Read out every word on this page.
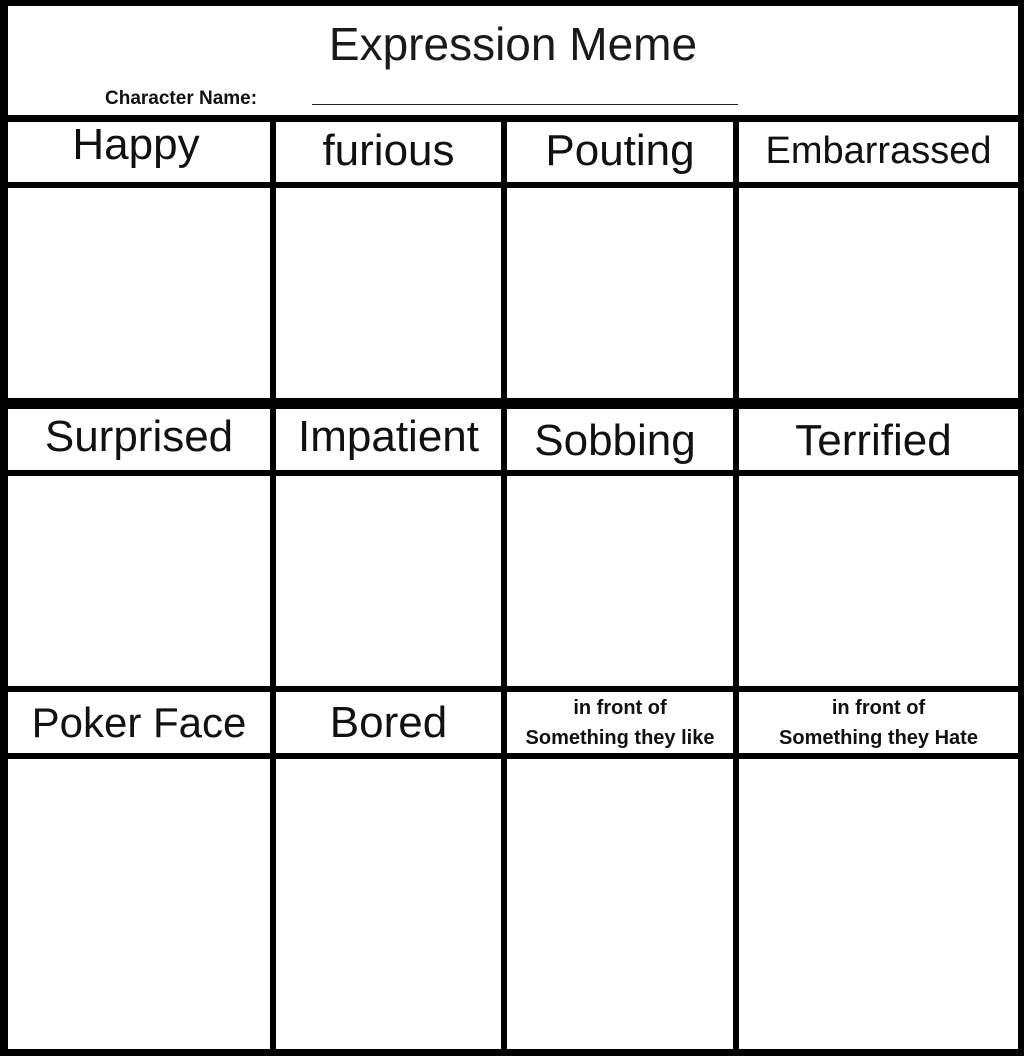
Expression Meme
Character Name:
Happy	furious Pouting Embarrassed
Surprised Impatient Sobbing Terrified
Poker Face Bored	in front of
Something they like
in front of
Something they Hate
